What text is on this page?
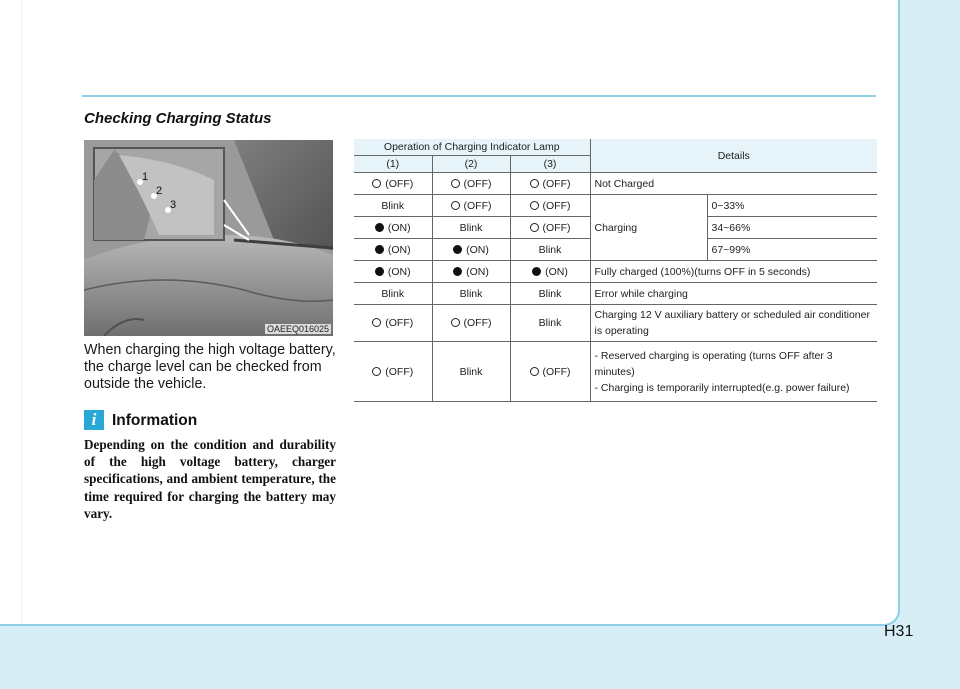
Checking Charging Status
1
2
3
OAEEQ016025
When charging the high voltage battery, the charge level can be checked from outside the vehicle.
i	Information
Depending on the condition and durability of the high voltage battery, charger specifications, and ambient temperature, the time required for charging the battery may vary.
Operation of Charging Indicator Lamp			Details	
(1)	(2)	(3)		
(OFF)	(OFF)	(OFF)	Not Charged	
Blink	(OFF)	(OFF)	Charging	0~33%
(ON)	Blink	(OFF)		34~66%
(ON)	(ON)	Blink		67~99%
(ON)	(ON)	(ON)	Fully charged (100%)(turns OFF in 5 seconds)	
Blink	Blink	Blink	Error while charging	
(OFF)	(OFF)	Blink	Charging 12 V auxiliary battery or scheduled air conditioner is operating	
(OFF)	Blink	(OFF)	- Reserved charging is operating (turns OFF after 3 minutes)
- Charging is temporarily interrupted(e.g. power failure)	
H31
